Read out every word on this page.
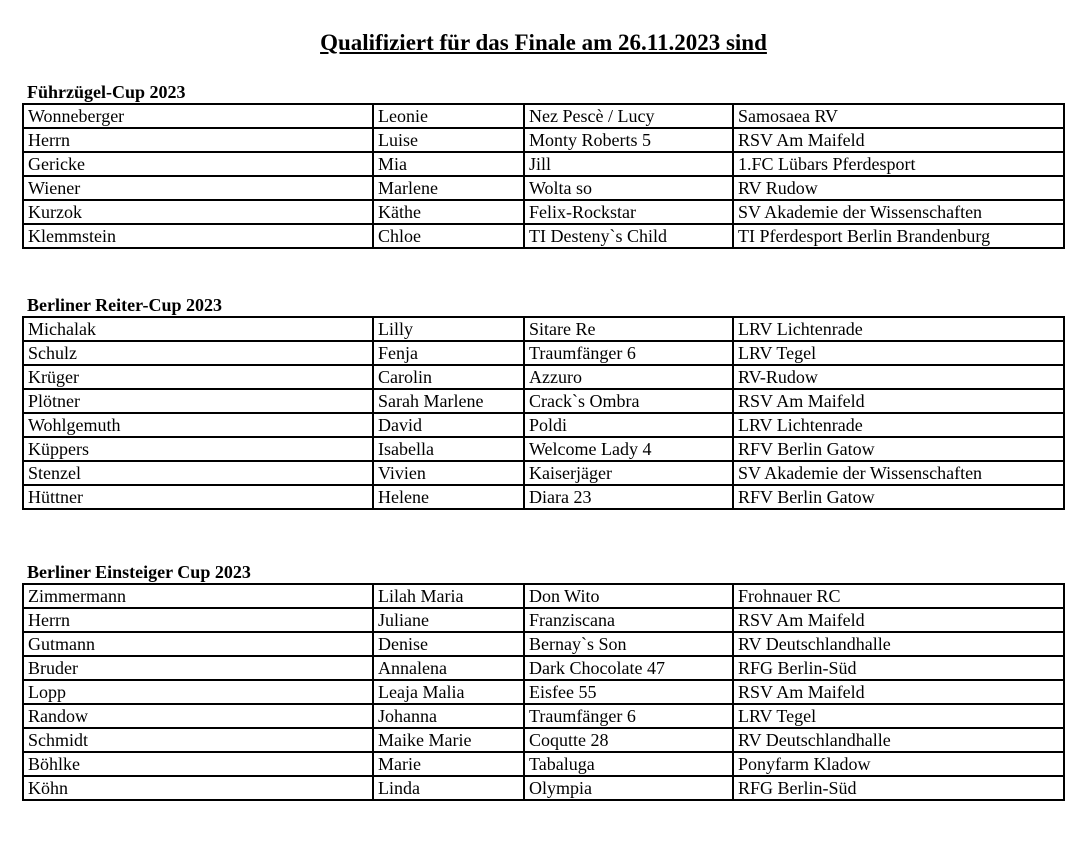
Qualifiziert für das Finale am 26.11.2023 sind
Führzügel-Cup 2023
Wonneberger	Leonie	Nez Pescè / Lucy	Samosaea RV
Herrn	Luise	Monty Roberts 5	RSV Am Maifeld
Gericke	Mia	Jill	1.FC Lübars Pferdesport
Wiener	Marlene	Wolta so	RV Rudow
Kurzok	Käthe	Felix-Rockstar	SV Akademie der Wissenschaften
Klemmstein	Chloe	TI Desteny`s Child	TI Pferdesport Berlin Brandenburg
Berliner Reiter-Cup 2023
Michalak	Lilly	Sitare Re	LRV Lichtenrade
Schulz	Fenja	Traumfänger 6	LRV Tegel
Krüger	Carolin	Azzuro	RV-Rudow
Plötner	Sarah Marlene	Crack`s Ombra	RSV Am Maifeld
Wohlgemuth	David	Poldi	LRV Lichtenrade
Küppers	Isabella	Welcome Lady 4	RFV Berlin Gatow
Stenzel	Vivien	Kaiserjäger	SV Akademie der Wissenschaften
Hüttner	Helene	Diara 23	RFV Berlin Gatow
Berliner Einsteiger Cup 2023
Zimmermann	Lilah Maria	Don Wito	Frohnauer RC
Herrn	Juliane	Franziscana	RSV Am Maifeld
Gutmann	Denise	Bernay`s Son	RV Deutschlandhalle
Bruder	Annalena	Dark Chocolate 47	RFG Berlin-Süd
Lopp	Leaja Malia	Eisfee 55	RSV Am Maifeld
Randow	Johanna	Traumfänger 6	LRV Tegel
Schmidt	Maike Marie	Coqutte 28	RV Deutschlandhalle
Böhlke	Marie	Tabaluga	Ponyfarm Kladow
Köhn	Linda	Olympia	RFG Berlin-Süd
